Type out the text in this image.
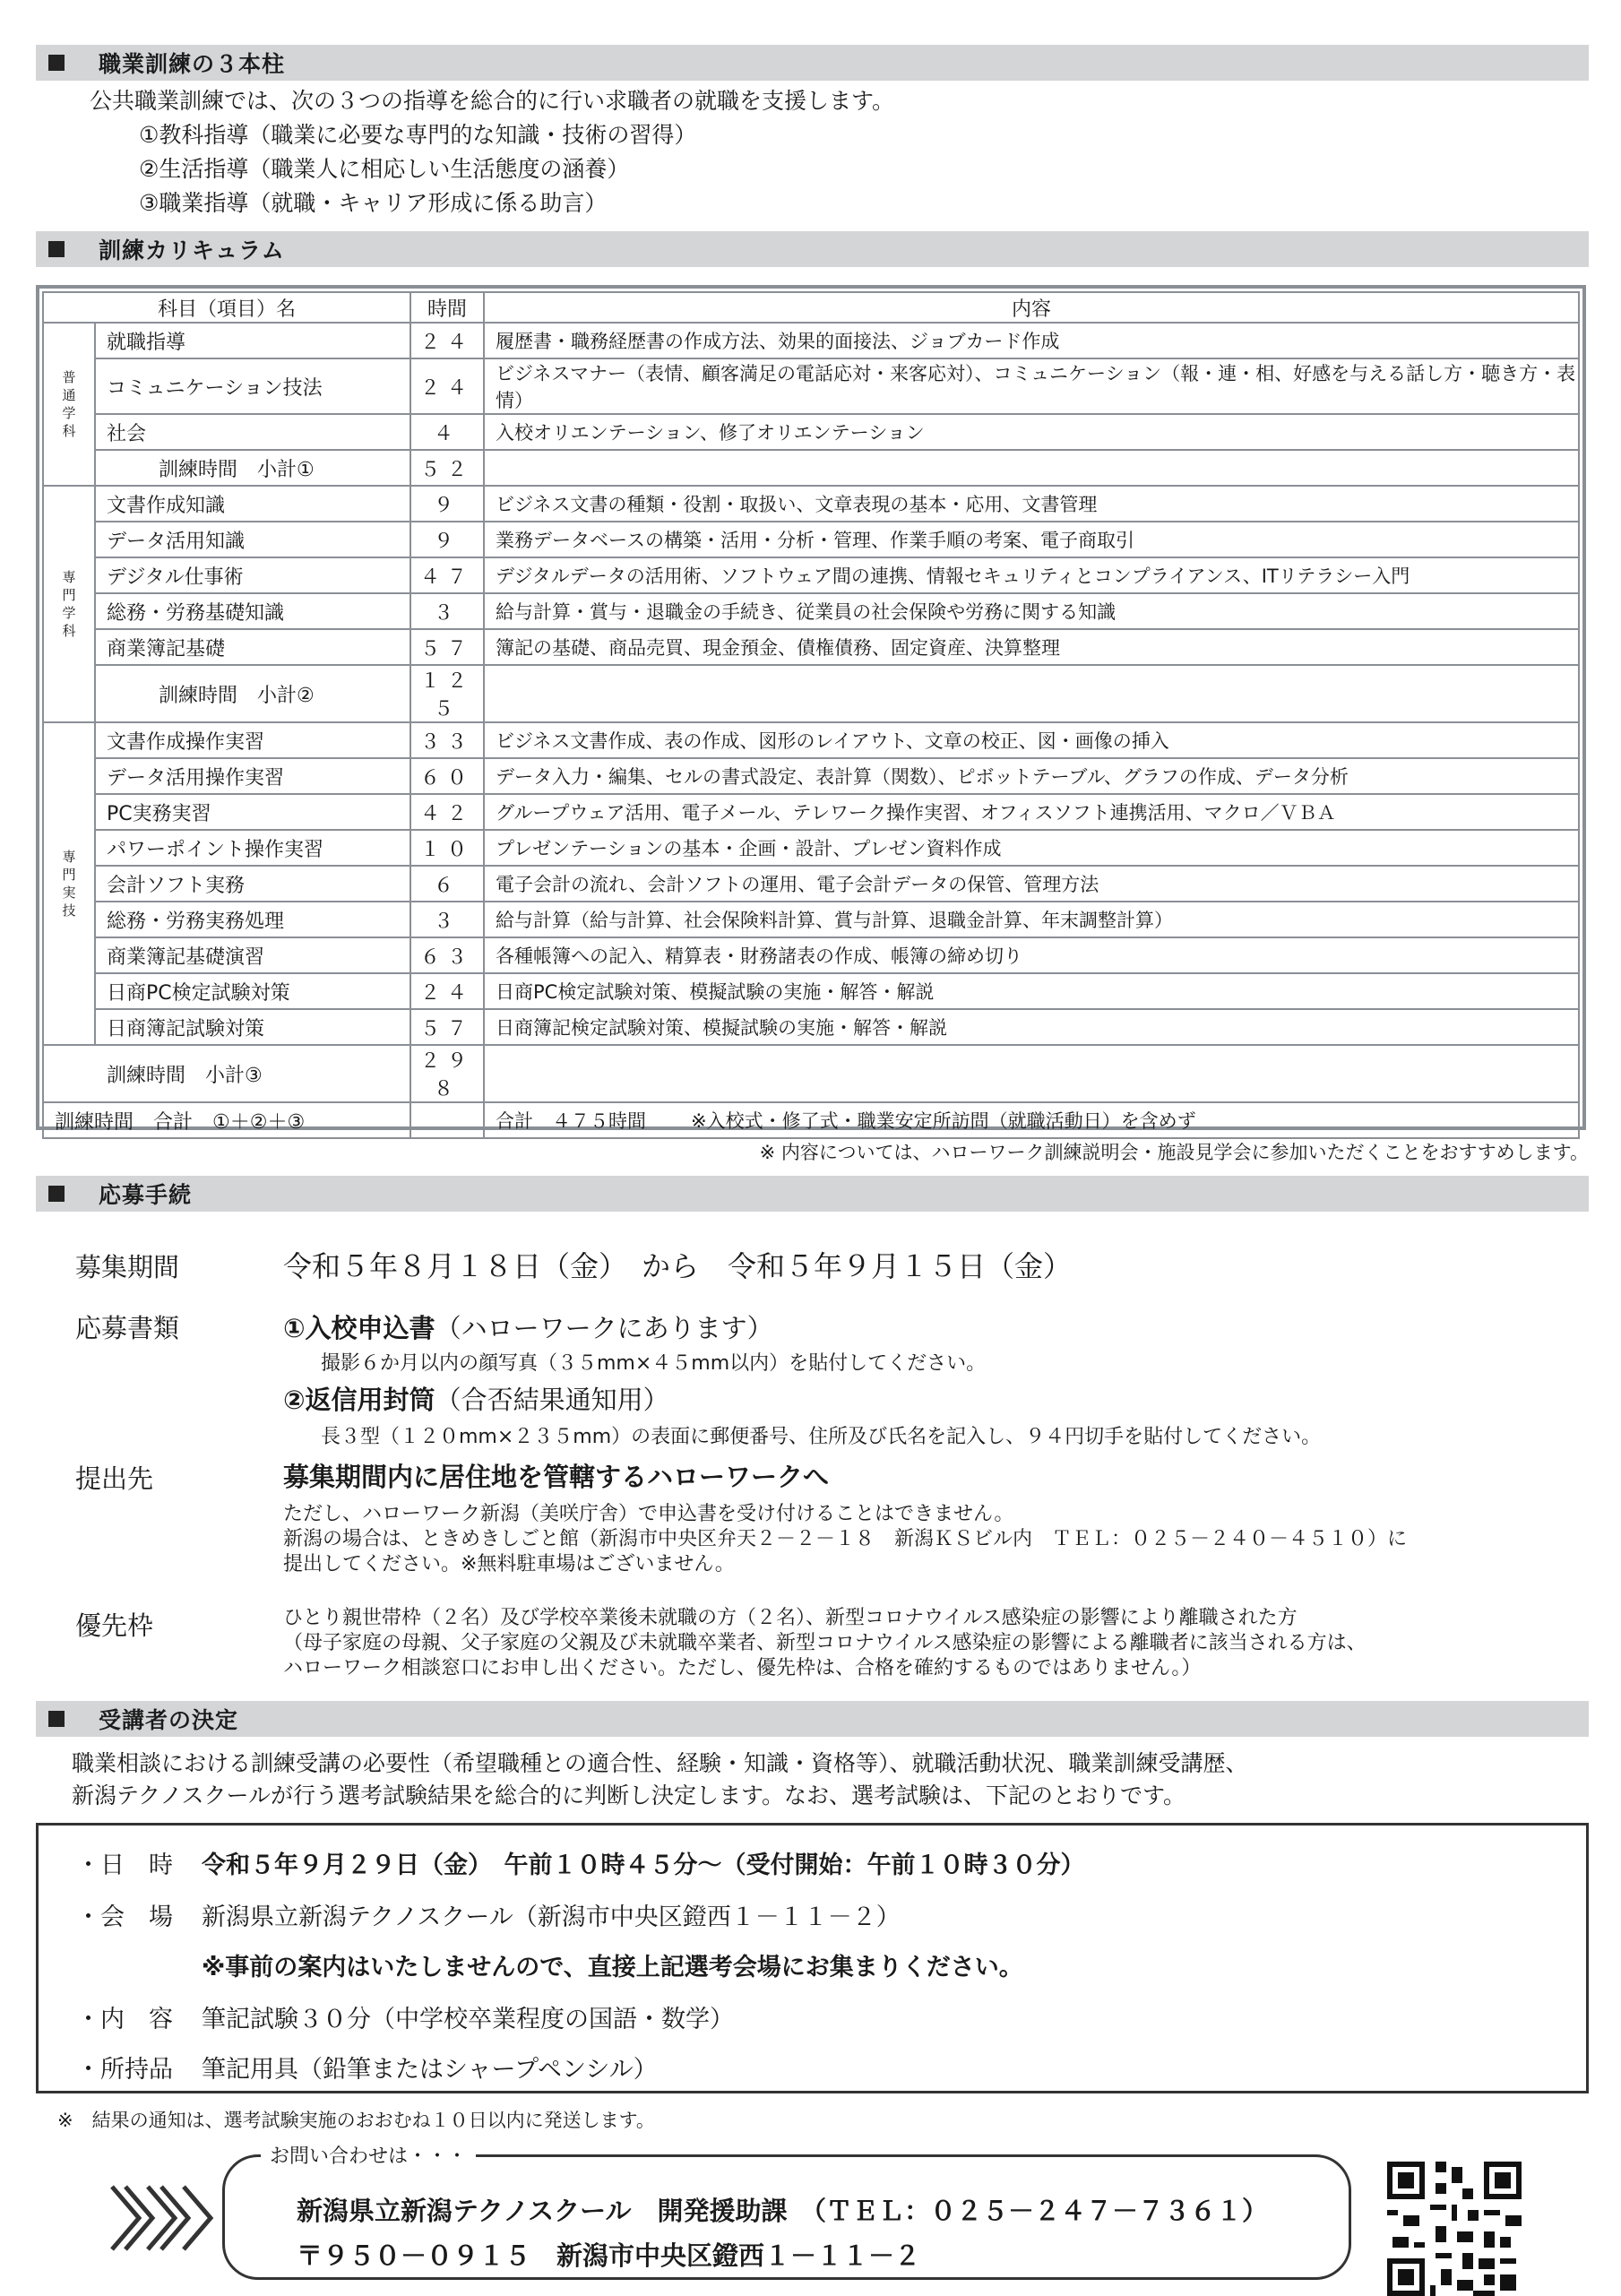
職業訓練の３本柱
公共職業訓練では、次の３つの指導を総合的に行い求職者の就職を支援します。
①教科指導（職業に必要な専門的な知識・技術の習得）
②生活指導（職業人に相応しい生活態度の涵養）
③職業指導（就職・キャリア形成に係る助言）
訓練カリキュラム
科目（項目）名		時間	内容

普
通
学
科	就職指導	２４	履歴書・職務経歴書の作成方法、効果的面接法、ジョブカード作成
	コミュニケーション技法	２４	ビジネスマナー（表情、顧客満足の電話応対・来客応対）、コミュニケーション（報・連・相、好感を与える話し方・聴き方・表情）
	社会	４	入校オリエンテーション、修了オリエンテーション
	訓練時間　小計①	５２	

専
門
学
科	文書作成知識	９	ビジネス文書の種類・役割・取扱い、文章表現の基本・応用、文書管理
	データ活用知識	９	業務データベースの構築・活用・分析・管理、作業手順の考案、電子商取引
	デジタル仕事術	４７	デジタルデータの活用術、ソフトウェア間の連携、情報セキュリティとコンプライアンス、ITリテラシー入門
	総務・労務基礎知識	３	給与計算・賞与・退職金の手続き、従業員の社会保険や労務に関する知識
	商業簿記基礎	５７	簿記の基礎、商品売買、現金預金、債権債務、固定資産、決算整理
	訓練時間　小計②	１２５	

専
門
実
技	文書作成操作実習	３３	ビジネス文書作成、表の作成、図形のレイアウト、文章の校正、図・画像の挿入
	データ活用操作実習	６０	データ入力・編集、セルの書式設定、表計算（関数）、ピボットテーブル、グラフの作成、データ分析
	PC実務実習	４２	グループウェア活用、電子メール、テレワーク操作実習、オフィスソフト連携活用、マクロ／ＶＢＡ
	パワーポイント操作実習	１０	プレゼンテーションの基本・企画・設計、プレゼン資料作成
	会計ソフト実務	６	電子会計の流れ、会計ソフトの運用、電子会計データの保管、管理方法
	総務・労務実務処理	３	給与計算（給与計算、社会保険料計算、賞与計算、退職金計算、年末調整計算）
	商業簿記基礎演習	６３	各種帳簿への記入、精算表・財務諸表の作成、帳簿の締め切り
	日商PC検定試験対策	２４	日商PC検定試験対策、模擬試験の実施・解答・解説
	日商簿記試験対策	５７	日商簿記検定試験対策、模擬試験の実施・解答・解説
訓練時間　小計③		２９８	
訓練時間　合計　①＋②＋③			合計　４７５時間 ※入校式・修了式・職業安定所訪問（就職活動日）を含めず
※ 内容については、ハローワーク訓練説明会・施設見学会に参加いただくことをおすすめします。
応募手続
募集期間	令和５年８月１８日（金）　から　令和５年９月１５日（金）
応募書類	①入校申込書（ハローワークにあります）
撮影６か月以内の顔写真（３５mm×４５mm以内）を貼付してください。
②返信用封筒（合否結果通知用）
長３型（１２０mm×２３５mm）の表面に郵便番号、住所及び氏名を記入し、９４円切手を貼付してください。
提出先	募集期間内に居住地を管轄するハローワークへ
ただし、ハローワーク新潟（美咲庁舎）で申込書を受け付けることはできません。
新潟の場合は、ときめきしごと館（新潟市中央区弁天２－２－１８　新潟ＫＳビル内　ＴＥＬ：０２５－２４０－４５１０）に
提出してください。※無料駐車場はございません。
優先枠	ひとり親世帯枠（２名）及び学校卒業後未就職の方（２名）、新型コロナウイルス感染症の影響により離職された方
（母子家庭の母親、父子家庭の父親及び未就職卒業者、新型コロナウイルス感染症の影響による離職者に該当される方は、
ハローワーク相談窓口にお申し出ください。ただし、優先枠は、合格を確約するものではありません。）
受講者の決定
職業相談における訓練受講の必要性（希望職種との適合性、経験・知識・資格等）、就職活動状況、職業訓練受講歴、
新潟テクノスクールが行う選考試験結果を総合的に判断し決定します。なお、選考試験は、下記のとおりです。
・日　時 令和５年９月２９日（金）　午前１０時４５分～（受付開始：午前１０時３０分）
・会　場 新潟県立新潟テクノスクール（新潟市中央区鐙西１－１１－２）
※事前の案内はいたしませんので、直接上記選考会場にお集まりください。
・内　容 筆記試験３０分（中学校卒業程度の国語・数学）
・所持品 筆記用具（鉛筆またはシャープペンシル）
※　結果の通知は、選考試験実施のおおむね１０日以内に発送します。
お問い合わせは・・・
新潟県立新潟テクノスクール　開発援助課　（ＴＥＬ：０２５－２４７－７３６１）
〒９５０－０９１５　新潟市中央区鐙西１－１１－２
